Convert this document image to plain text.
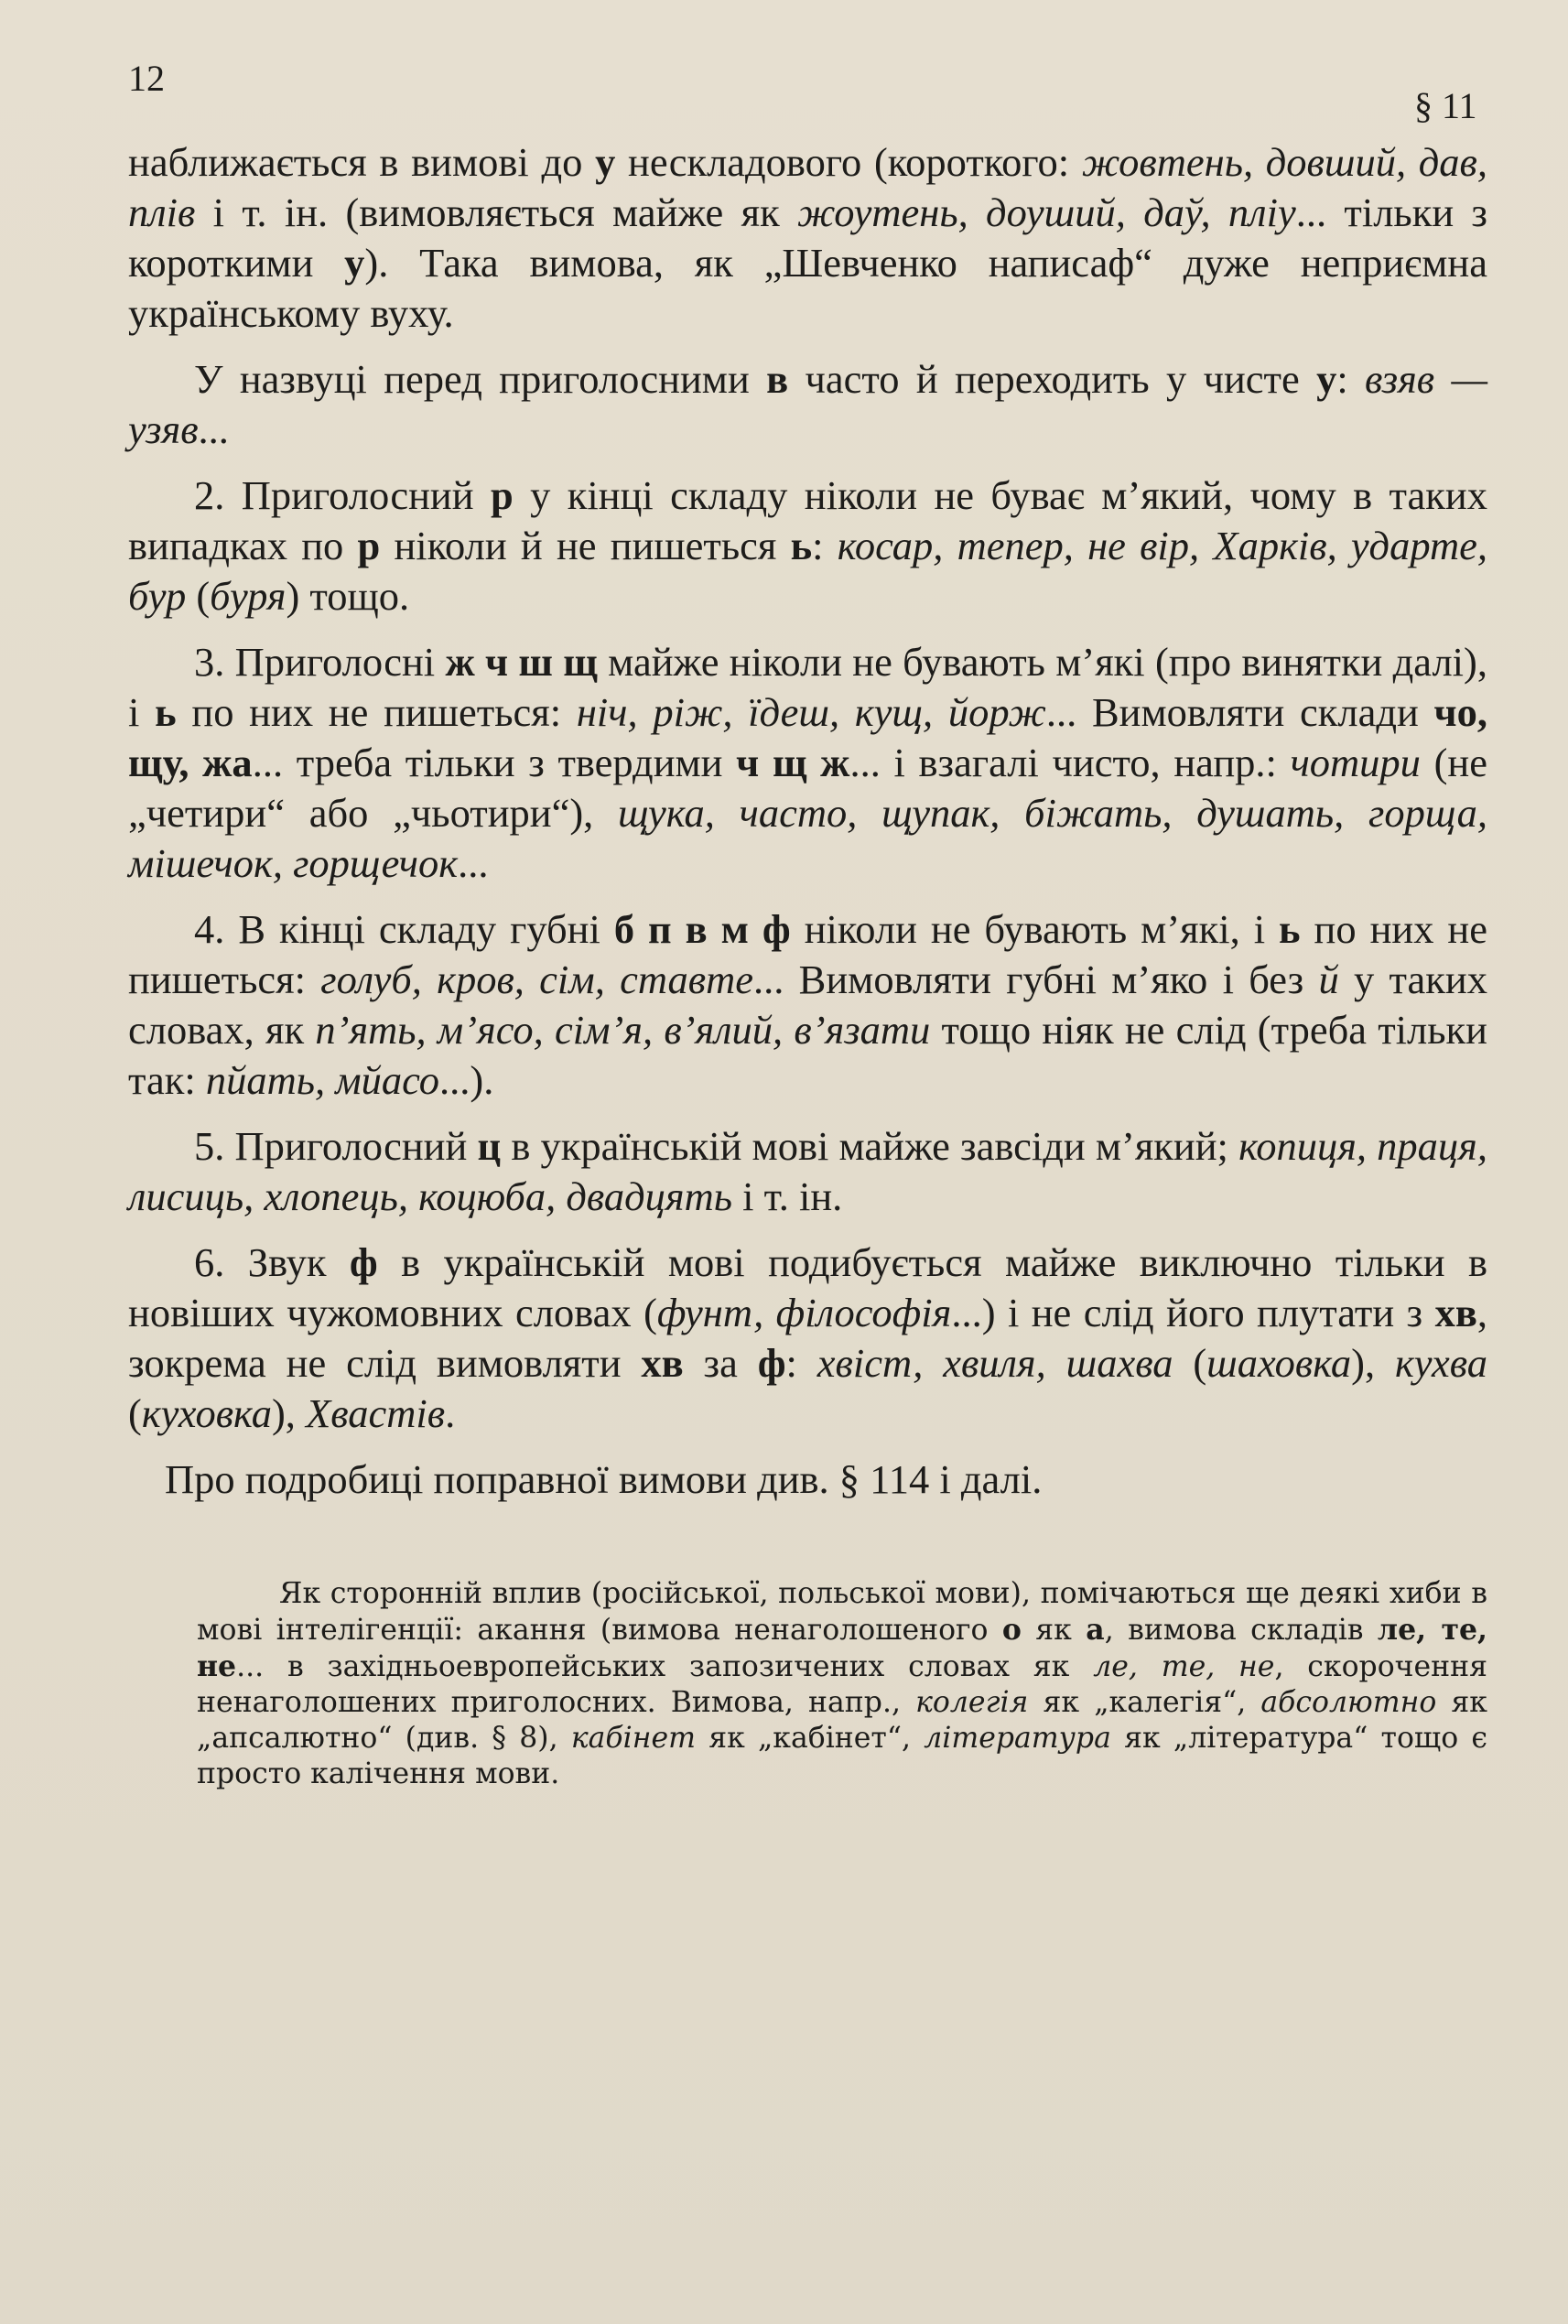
12
§ 11

наближається в вимові до у нескладового (короткого: жовтень, довший, дав, плів і т. ін. (вимовляється майже як жоутень, доуший, даў, пліу... тільки з короткими у). Така вимова, як „Шевченко написаф“ дуже неприємна українському вуху.

У назвуці перед приголосними в часто й переходить у чисте у: взяв — узяв...

2. Приголосний р у кінці складу ніколи не буває м’який, чому в таких випадках по р ніколи й не пишеться ь: косар, тепер, не вір, Харків, ударте, бур (буря) тощо.

3. Приголосні ж ч ш щ майже ніколи не бувають м’які (про винятки далі), і ь по них не пишеться: ніч, ріж, їдеш, кущ, йорж... Вимовляти склади чо, щу, жа... треба тільки з твердими ч щ ж... і взагалі чисто, напр.: чотири (не „четири“ або „чьотири“), щука, часто, щупак, біжать, душать, горща, мішечок, горщечок...

4. В кінці складу губні б п в м ф ніколи не бувають м’які, і ь по них не пишеться: голуб, кров, сім, ставте... Вимовляти губні м’яко і без й у таких словах, як п’ять, м’ясо, сім’я, в’ялий, в’язати тощо ніяк не слід (треба тільки так: пйать, мйасо...).

5. Приголосний ц в українській мові майже завсіди м’який; копиця, праця, лисиць, хлопець, коцюба, двадцять і т. ін.

6. Звук ф в українській мові подибується майже виключно тільки в новіших чужомовних словах (фунт, філософія...) і не слід його плутати з хв, зокрема не слід вимовляти хв за ф: хвіст, хвиля, шахва (шаховка), кухва (куховка), Хвастів.

Про подробиці поправної вимови див. § 114 і далі.

Як сторонній вплив (російської, польської мови), помічаються ще деякі хиби в мові інтелігенції: акання (вимова ненаголошеного о як а, вимова складів ле, те, не... в західньоевропейських запозичених словах як ле, те, не, скорочення ненаголошених приголосних. Вимова, напр., колегія як „калегія“, абсолютно як „апсалютно“ (див. § 8), кабінет як „кабінет“, література як „література“ тощо є просто калічення мови.
